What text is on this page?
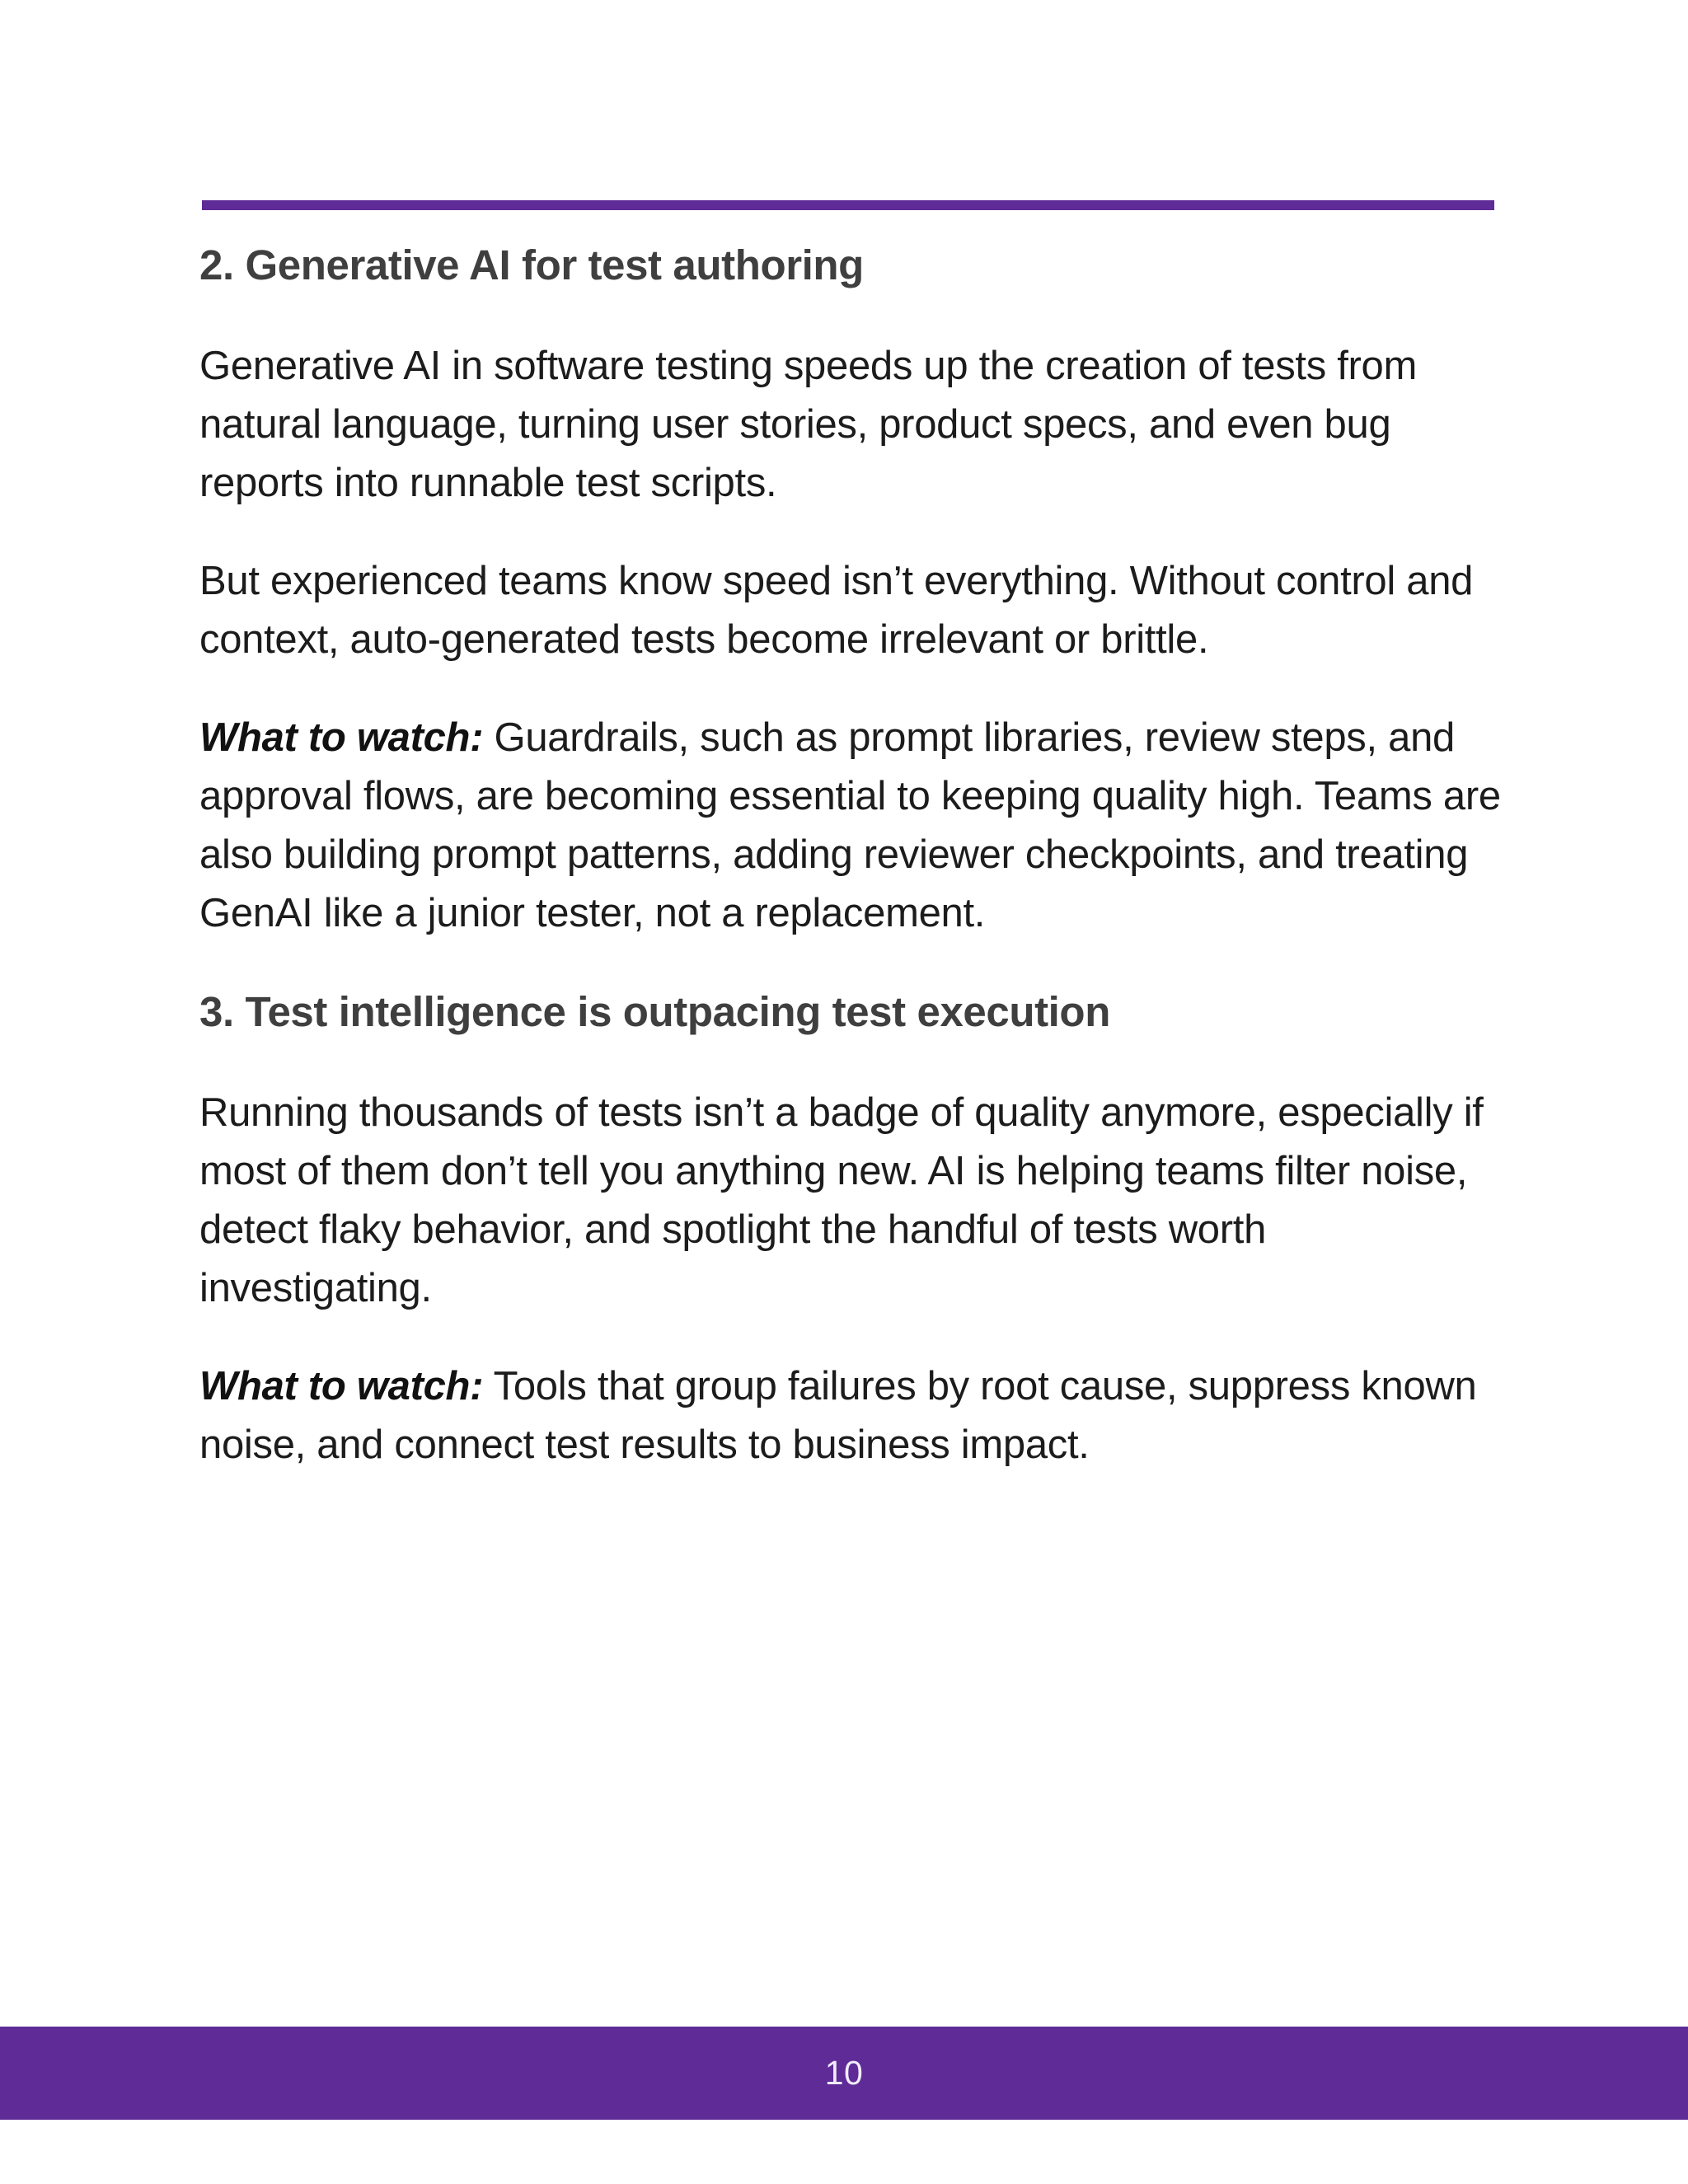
2. Generative AI for test authoring

Generative AI in software testing speeds up the creation of tests from natural language, turning user stories, product specs, and even bug reports into runnable test scripts.

But experienced teams know speed isn’t everything. Without control and context, auto-generated tests become irrelevant or brittle.

What to watch: Guardrails, such as prompt libraries, review steps, and approval flows, are becoming essential to keeping quality high. Teams are also building prompt patterns, adding reviewer checkpoints, and treating GenAI like a junior tester, not a replacement.

3. Test intelligence is outpacing test execution

Running thousands of tests isn’t a badge of quality anymore, especially if most of them don’t tell you anything new. AI is helping teams filter noise, detect flaky behavior, and spotlight the handful of tests worth investigating.

What to watch: Tools that group failures by root cause, suppress known noise, and connect test results to business impact.

10
